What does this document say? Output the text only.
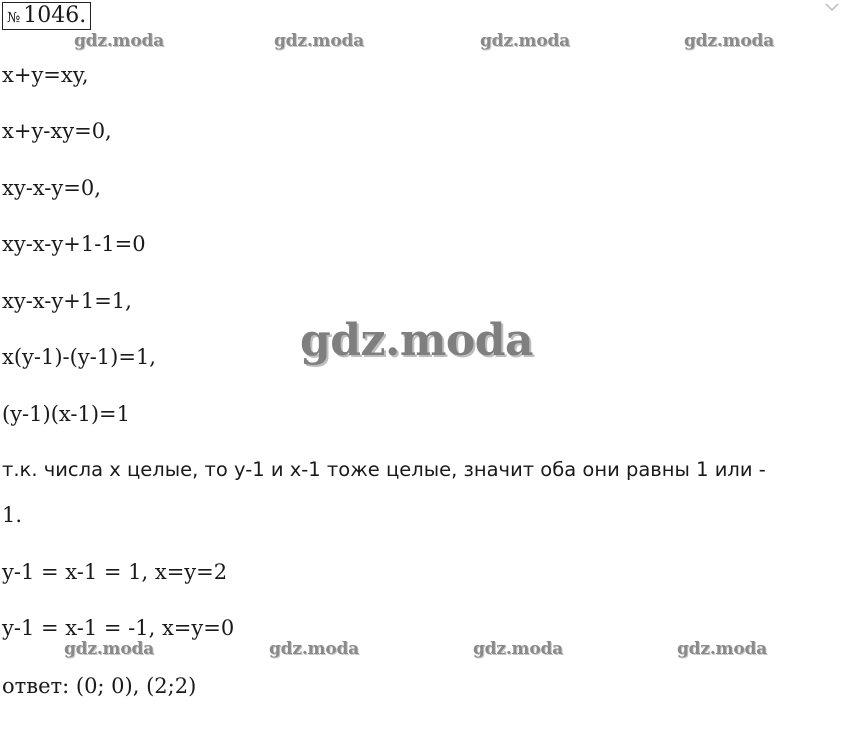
№ 1046.
gdz.moda	gdz.moda	gdz.moda	gdz.moda
gdz.moda
gdz.moda	gdz.moda	gdz.moda	gdz.moda
x+y=xy,
x+y-xy=0,
xy-x-y=0,
xy-x-y+1-1=0
xy-x-y+1=1,
x(y-1)-(y-1)=1,
(y-1)(x-1)=1
т.к. числа x целые, то y-1 и x-1 тоже целые, значит оба они равны 1 или -
1.
y-1 = x-1 = 1, x=y=2
y-1 = x-1 = -1, x=y=0
ответ: (0; 0), (2;2)
